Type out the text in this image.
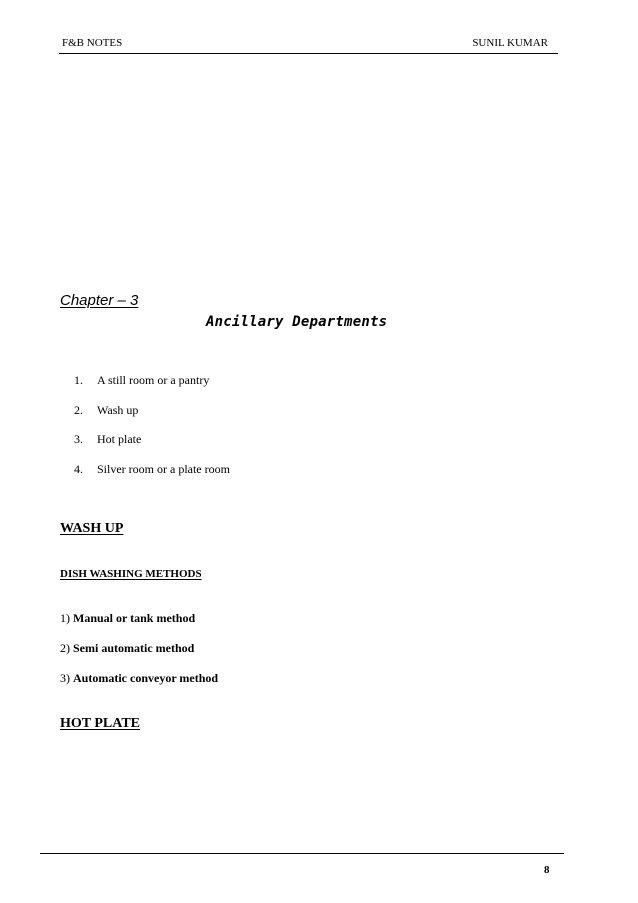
F&B NOTES	SUNIL KUMAR
Chapter – 3
Ancillary Departments
1. A still room or a pantry
2. Wash up
3. Hot plate
4. Silver room or a plate room
WASH UP
DISH WASHING METHODS
1) Manual or tank method
2) Semi automatic method
3) Automatic conveyor method
HOT PLATE
8
